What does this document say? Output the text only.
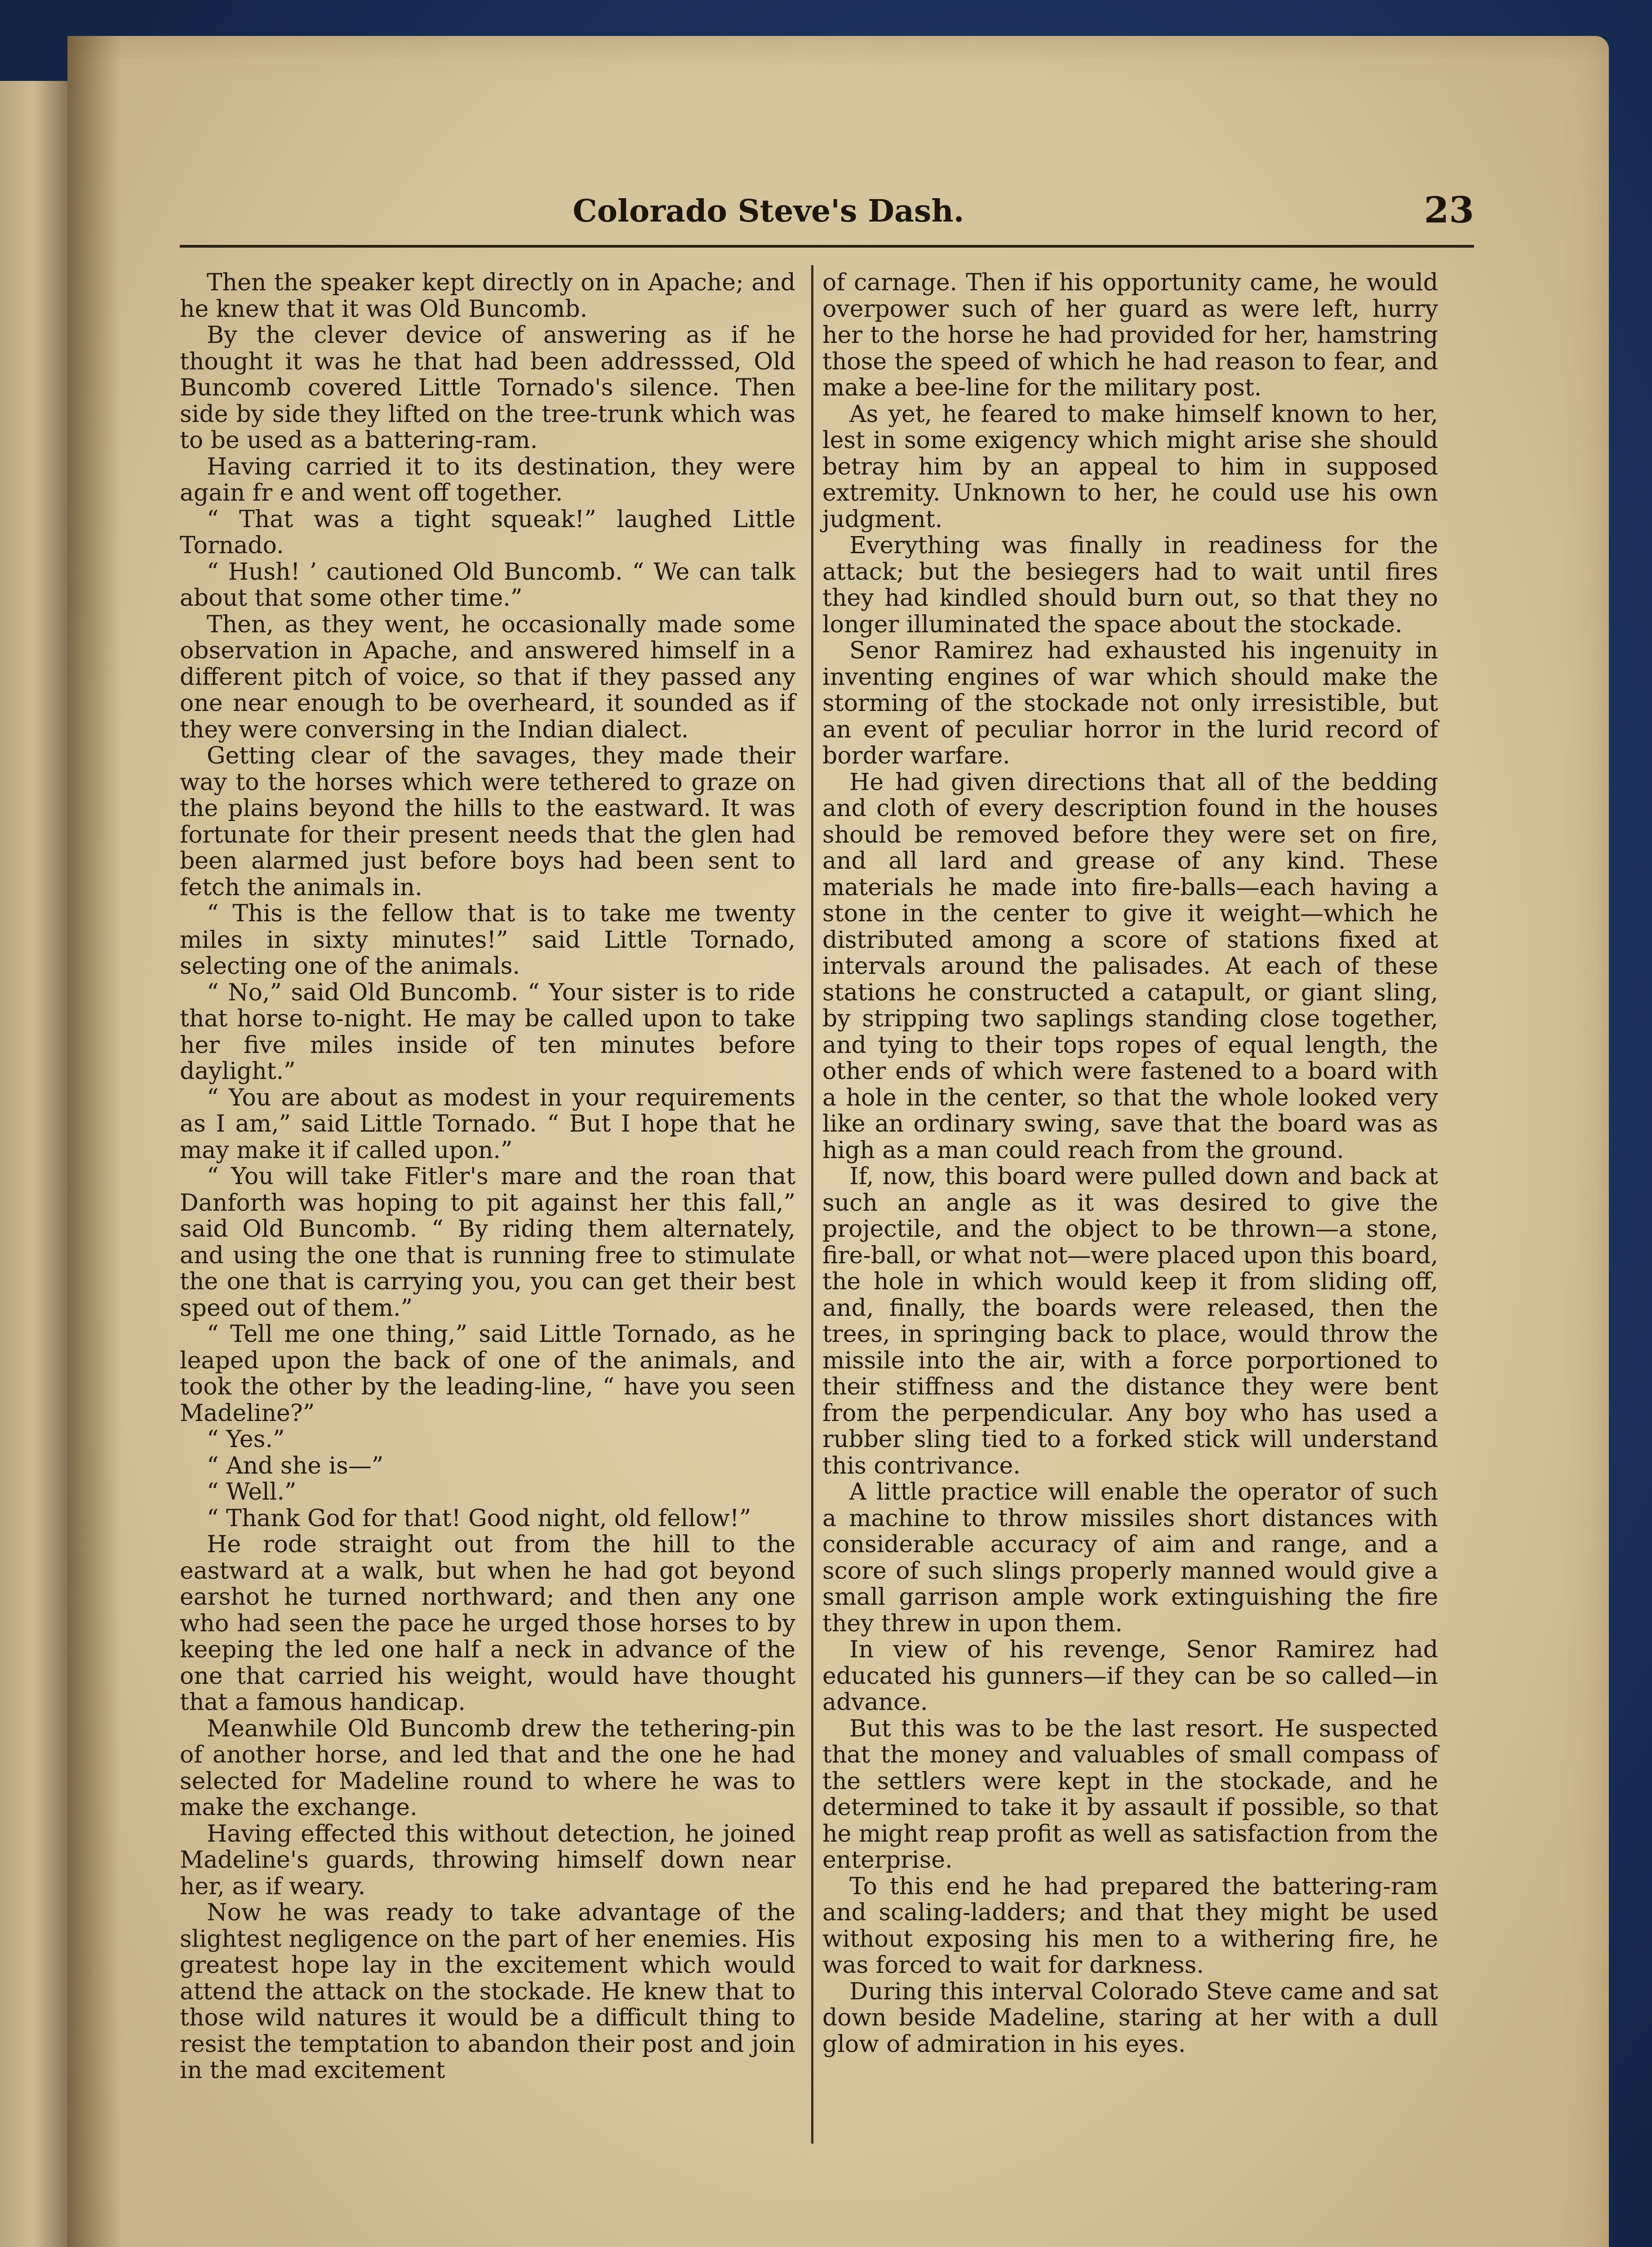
Colorado Steve's Dash.	23

Then the speaker kept directly on in Apache; and he knew that it was Old Buncomb.

By the clever device of answering as if he thought it was he that had been addresssed, Old Buncomb covered Little Tornado's silence. Then side by side they lifted on the tree-trunk which was to be used as a battering-ram.

Having carried it to its destination, they were again fr e and went off together.

“ That was a tight squeak!” laughed Little Tornado.

“ Hush! ’ cautioned Old Buncomb. “ We can talk about that some other time.”

Then, as they went, he occasionally made some observation in Apache, and answered himself in a different pitch of voice, so that if they passed any one near enough to be overheard, it sounded as if they were conversing in the Indian dialect.

Getting clear of the savages, they made their way to the horses which were tethered to graze on the plains beyond the hills to the eastward. It was fortunate for their present needs that the glen had been alarmed just before boys had been sent to fetch the animals in.

“ This is the fellow that is to take me twenty miles in sixty minutes!” said Little Tornado, selecting one of the animals.

“ No,” said Old Buncomb. “ Your sister is to ride that horse to-night. He may be called upon to take her five miles inside of ten minutes before daylight.”

“ You are about as modest in your requirements as I am,” said Little Tornado. “ But I hope that he may make it if called upon.”

“ You will take Fitler's mare and the roan that Danforth was hoping to pit against her this fall,” said Old Buncomb. “ By riding them alternately, and using the one that is running free to stimulate the one that is carrying you, you can get their best speed out of them.”

“ Tell me one thing,” said Little Tornado, as he leaped upon the back of one of the animals, and took the other by the leading-line, “ have you seen Madeline?”

“ Yes.”

“ And she is—”

“ Well.”

“ Thank God for that! Good night, old fellow!”

He rode straight out from the hill to the eastward at a walk, but when he had got beyond earshot he turned northward; and then any one who had seen the pace he urged those horses to by keeping the led one half a neck in advance of the one that carried his weight, would have thought that a famous handicap.

Meanwhile Old Buncomb drew the tethering-pin of another horse, and led that and the one he had selected for Madeline round to where he was to make the exchange.

Having effected this without detection, he joined Madeline's guards, throwing himself down near her, as if weary.

Now he was ready to take advantage of the slightest negligence on the part of her enemies. His greatest hope lay in the excitement which would attend the attack on the stockade. He knew that to those wild natures it would be a difficult thing to resist the temptation to abandon their post and join in the mad excitement

of carnage. Then if his opportunity came, he would overpower such of her guard as were left, hurry her to the horse he had provided for her, hamstring those the speed of which he had reason to fear, and make a bee-line for the military post.

As yet, he feared to make himself known to her, lest in some exigency which might arise she should betray him by an appeal to him in supposed extremity. Unknown to her, he could use his own judgment.

Everything was finally in readiness for the attack; but the besiegers had to wait until fires they had kindled should burn out, so that they no longer illuminated the space about the stockade.

Senor Ramirez had exhausted his ingenuity in inventing engines of war which should make the storming of the stockade not only irresistible, but an event of peculiar horror in the lurid record of border warfare.

He had given directions that all of the bedding and cloth of every description found in the houses should be removed before they were set on fire, and all lard and grease of any kind. These materials he made into fire-balls—each having a stone in the center to give it weight—which he distributed among a score of stations fixed at intervals around the palisades. At each of these stations he constructed a catapult, or giant sling, by stripping two saplings standing close together, and tying to their tops ropes of equal length, the other ends of which were fastened to a board with a hole in the center, so that the whole looked very like an ordinary swing, save that the board was as high as a man could reach from the ground.

If, now, this board were pulled down and back at such an angle as it was desired to give the projectile, and the object to be thrown—a stone, fire-ball, or what not—were placed upon this board, the hole in which would keep it from sliding off, and, finally, the boards were released, then the trees, in springing back to place, would throw the missile into the air, with a force porportioned to their stiffness and the distance they were bent from the perpendicular. Any boy who has used a rubber sling tied to a forked stick will understand this contrivance.

A little practice will enable the operator of such a machine to throw missiles short distances with considerable accuracy of aim and range, and a score of such slings properly manned would give a small garrison ample work extinguishing the fire they threw in upon them.

In view of his revenge, Senor Ramirez had educated his gunners—if they can be so called—in advance.

But this was to be the last resort. He suspected that the money and valuables of small compass of the settlers were kept in the stockade, and he determined to take it by assault if possible, so that he might reap profit as well as satisfaction from the enterprise.

To this end he had prepared the battering-ram and scaling-ladders; and that they might be used without exposing his men to a withering fire, he was forced to wait for darkness.

During this interval Colorado Steve came and sat down beside Madeline, staring at her with a dull glow of admiration in his eyes.
